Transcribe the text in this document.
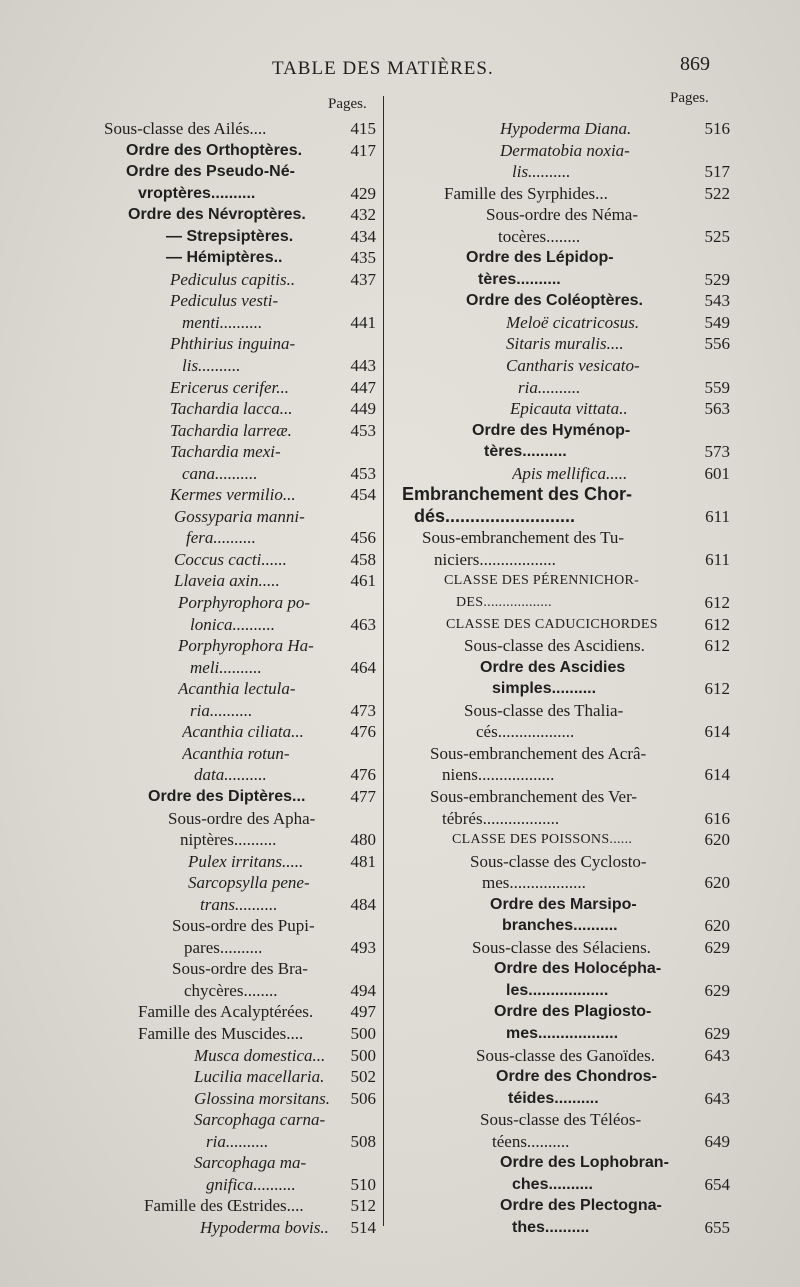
TABLE DES MATIÈRES.	869
Pages.	Pages.
Sous-classe des Ailés....	415
Ordre des Orthoptères.	417
Ordre des Pseudo-Né-
vroptères..........	429
Ordre des Névroptères.	432
— Strepsiptères.	434
— Hémiptères..	435
Pediculus capitis..	437
Pediculus vesti-
menti..........	441
Phthirius inguina-
lis..........	443
Ericerus cerifer...	447
Tachardia lacca...	449
Tachardia larreæ.	453
Tachardia mexi-
cana..........	453
Kermes vermilio...	454
Gossyparia manni-
fera..........	456
Coccus cacti......	458
Llaveia axin.....	461
Porphyrophora po-
lonica..........	463
Porphyrophora Ha-
meli..........	464
Acanthia lectula-
ria..........	473
Acanthia ciliata...	476
Acanthia rotun-
data..........	476
Ordre des Diptères...	477
Sous-ordre des Apha-
niptères..........	480
Pulex irritans.....	481
Sarcopsylla pene-
trans..........	484
Sous-ordre des Pupi-
pares..........	493
Sous-ordre des Bra-
chycères........	494
Famille des Acalyptérées.	497
Famille des Muscides....	500
Musca domestica...	500
Lucilia macellaria.	502
Glossina morsitans.	506
Sarcophaga carna-
ria..........	508
Sarcophaga ma-
gnifica..........	510
Famille des Œstrides....	512
Hypoderma bovis..	514
Hypoderma Diana.	516
Dermatobia noxia-
lis..........	517
Famille des Syrphides...	522
Sous-ordre des Néma-
tocères........	525
Ordre des Lépidop-
tères..........	529
Ordre des Coléoptères.	543
Meloë cicatricosus.	549
Sitaris muralis....	556
Cantharis vesicato-
ria..........	559
Epicauta vittata..	563
Ordre des Hyménop-
tères..........	573
Apis mellifica.....	601
Embranchement des Chor-
dés..........................	611
Sous-embranchement des Tu-
niciers..................	611
CLASSE DES PÉRENNICHOR-
DES..................	612
CLASSE DES CADUCICHORDES	612
Sous-classe des Ascidiens.	612
Ordre des Ascidies
simples..........	612
Sous-classe des Thalia-
cés..................	614
Sous-embranchement des Acrâ-
niens..................	614
Sous-embranchement des Ver-
tébrés..................	616
CLASSE DES POISSONS......	620
Sous-classe des Cyclosto-
mes..................	620
Ordre des Marsipo-
branches..........	620
Sous-classe des Sélaciens.	629
Ordre des Holocépha-
les..................	629
Ordre des Plagiosto-
mes..................	629
Sous-classe des Ganoïdes.	643
Ordre des Chondros-
téides..........	643
Sous-classe des Téléos-
téens..........	649
Ordre des Lophobran-
ches..........	654
Ordre des Plectogna-
thes..........	655
